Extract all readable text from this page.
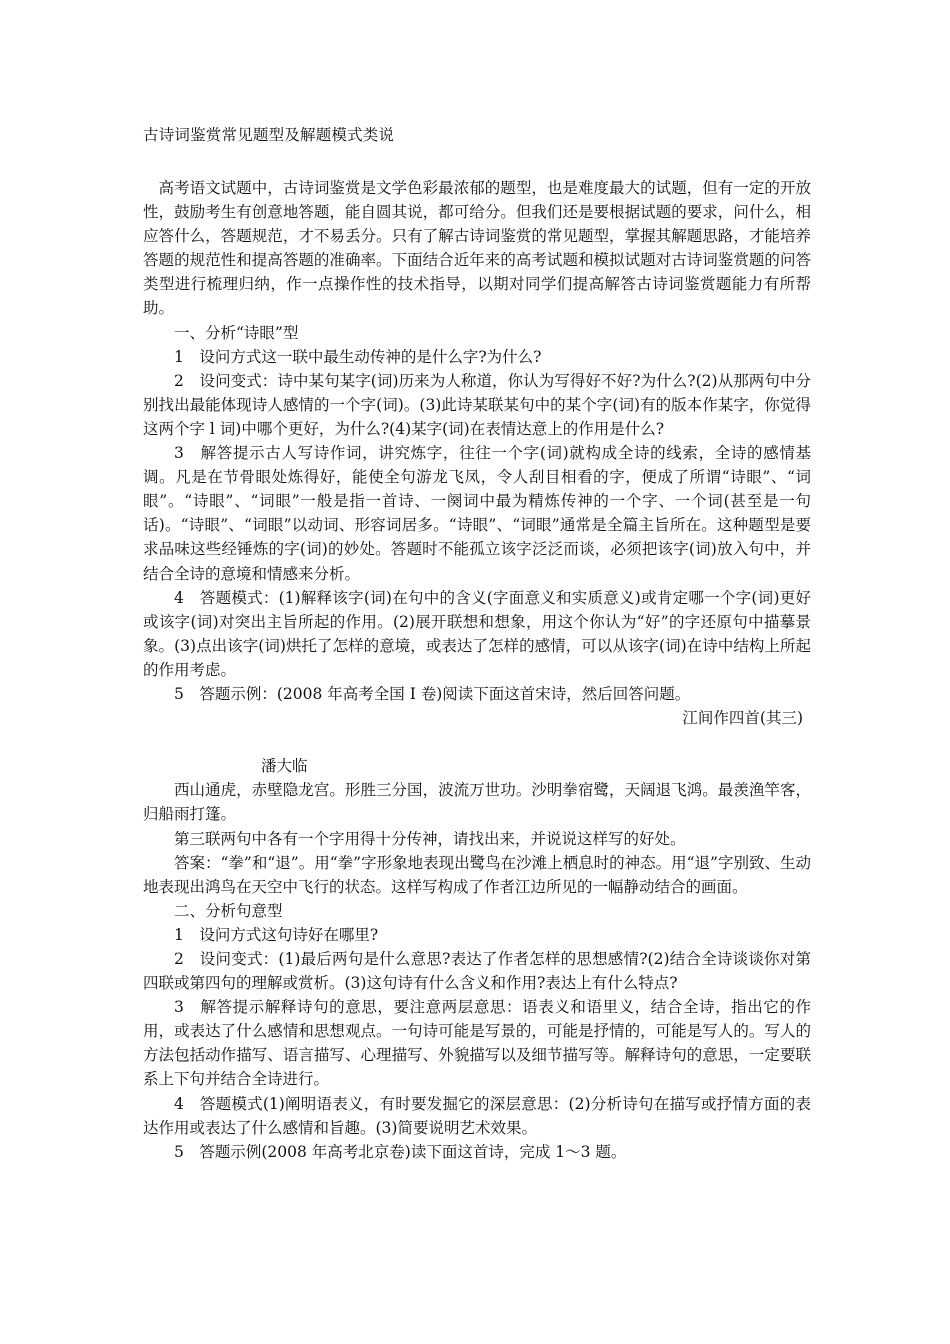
古诗词鉴赏常见题型及解题模式类说

高考语文试题中，古诗词鉴赏是文学色彩最浓郁的题型，也是难度最大的试题，但有一定的开放性，鼓励考生有创意地答题，能自圆其说，都可给分。但我们还是要根据试题的要求，问什么，相应答什么，答题规范，才不易丢分。只有了解古诗词鉴赏的常见题型，掌握其解题思路，才能培养答题的规范性和提高答题的准确率。下面结合近年来的高考试题和模拟试题对古诗词鉴赏题的问答类型进行梳理归纳，作一点操作性的技术指导，以期对同学们提高解答古诗词鉴赏题能力有所帮助。

一、分析“诗眼”型

1　设问方式这一联中最生动传神的是什么字?为什么?

2　设问变式：诗中某句某字(词)历来为人称道，你认为写得好不好?为什么?(2)从那两句中分别找出最能体现诗人感情的一个字(词)。(3)此诗某联某句中的某个字(词)有的版本作某字，你觉得这两个字 l 词)中哪个更好，为什么?(4)某字(词)在表情达意上的作用是什么?

3　解答提示古人写诗作词，讲究炼字，往往一个字(词)就构成全诗的线索，全诗的感情基调。凡是在节骨眼处炼得好，能使全句游龙飞凤，令人刮目相看的字，便成了所谓“诗眼”、“词眼”。“诗眼”、“词眼”一般是指一首诗、一阕词中最为精炼传神的一个字、一个词(甚至是一句话)。“诗眼”、“词眼”以动词、形容词居多。“诗眼”、“词眼”通常是全篇主旨所在。这种题型是要求品味这些经锤炼的字(词)的妙处。答题时不能孤立该字泛泛而谈，必须把该字(词)放入句中，并结合全诗的意境和情感来分析。

4　答题模式：(1)解释该字(词)在句中的含义(字面意义和实质意义)或肯定哪一个字(词)更好或该字(词)对突出主旨所起的作用。(2)展开联想和想象，用这个你认为“好”的字还原句中描摹景象。(3)点出该字(词)烘托了怎样的意境，或表达了怎样的感情，可以从该字(词)在诗中结构上所起的作用考虑。

5　答题示例：(2008 年高考全国 I 卷)阅读下面这首宋诗，然后回答问题。

江间作四首(其三)

潘大临

西山通虎，赤壁隐龙宫。形胜三分国，波流万世功。沙明拳宿鹭，天阔退飞鸿。最羡渔竿客，归船雨打篷。

第三联两句中各有一个字用得十分传神，请找出来，并说说这样写的好处。

答案：“拳”和“退”。用“拳”字形象地表现出鹭鸟在沙滩上栖息时的神态。用“退”字别致、生动地表现出鸿鸟在天空中飞行的状态。这样写构成了作者江边所见的一幅静动结合的画面。

二、分析句意型

1　设问方式这句诗好在哪里?

2　设问变式：(1)最后两句是什么意思?表达了作者怎样的思想感情?(2)结合全诗谈谈你对第四联或第四句的理解或赏析。(3)这句诗有什么含义和作用?表达上有什么特点?

3　解答提示解释诗句的意思，要注意两层意思：语表义和语里义，结合全诗，指出它的作用，或表达了什么感情和思想观点。一句诗可能是写景的，可能是抒情的，可能是写人的。写人的方法包括动作描写、语言描写、心理描写、外貌描写以及细节描写等。解释诗句的意思，一定要联系上下句并结合全诗进行。

4　答题模式(1)阐明语表义，有时要发掘它的深层意思：(2)分析诗句在描写或抒情方面的表达作用或表达了什么感情和旨趣。(3)简要说明艺术效果。

5　答题示例(2008 年高考北京卷)读下面这首诗，完成 1～3 题。
